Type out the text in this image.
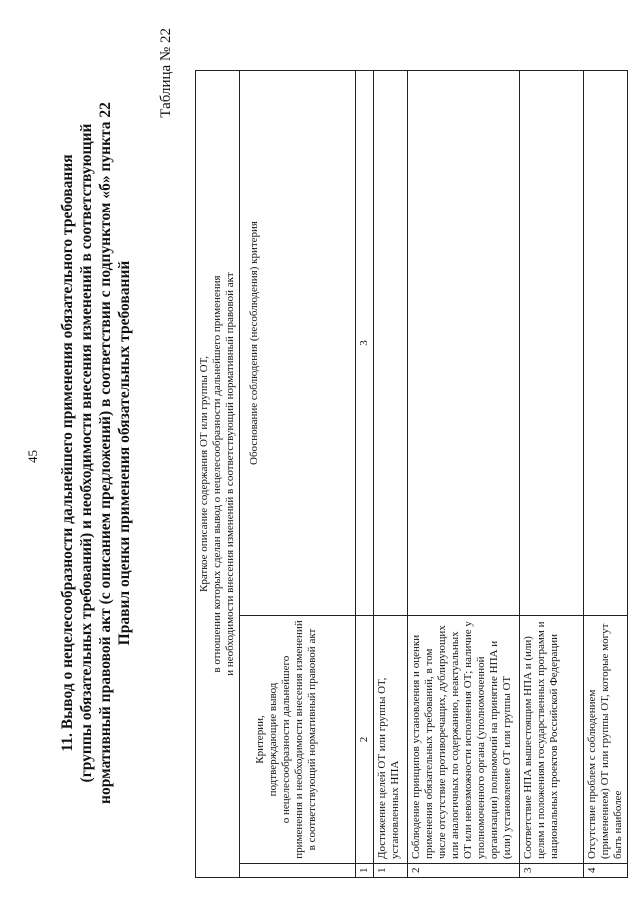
45 11. Вывод о нецелесообразности дальнейшего применения обязательного требования (группы обязательных требований) и необходимости внесения изменений в соответствующий нормативный правовой акт (с описанием предложений) в соответствии с подпунктом «б» пункта 22 Правил оценки применения обязательных требований
Таблица № 22
Краткое описание содержания ОТ или группы ОТ, в отношении которых сделан вывод о нецелесообразности дальнейшего применения и необходимости внесения изменений в соответствующий нормативный правовой акт		

	Критерии, подтверждающие вывод о нецелесообразности дальнейшего применения и необходимости внесения изменений в соответствующий нормативный правовой акт	Обоснование соблюдения (несоблюдения) критерия
1	2	3
1	Достижение целей ОТ или группы ОТ, установленных НПА	
2	Соблюдение принципов установления и оценки применения обязательных требований, в том числе отсутствие противоречащих, дублирующих или аналогичных по содержанию, неактуальных ОТ или невозможности исполнения ОТ; наличие у уполномоченного органа (уполномоченной организации) полномочий на принятие НПА и (или) установление ОТ или группы ОТ	
3	Соответствие НПА вышестоящим НПА и (или) целям и положениям государственных программ и национальных проектов Российской Федерации	
4	Отсутствие проблем с соблюдением (применением) ОТ или группы ОТ, которые могут быть наиболее	
